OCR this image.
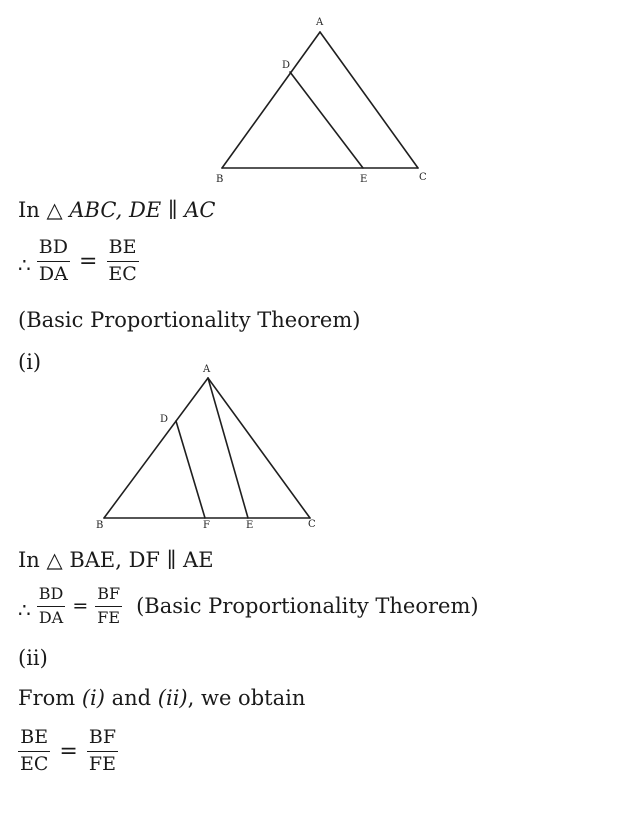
A
D
B	E	C
In △ ABC, DE ∥ AC
∴ $\frac{BD}{DA} = \frac{BE}{EC}$
(Basic Proportionality Theorem)
(i)	A
D
B	F	E	C
In △ BAE, DF ∥ AE
∴ $\frac{BD}{DA} = \frac{BF}{FE}$ (Basic Proportionality Theorem)
(ii)
From (i) and (ii), we obtain
$\frac{BE}{EC} = \frac{BF}{FE}$
